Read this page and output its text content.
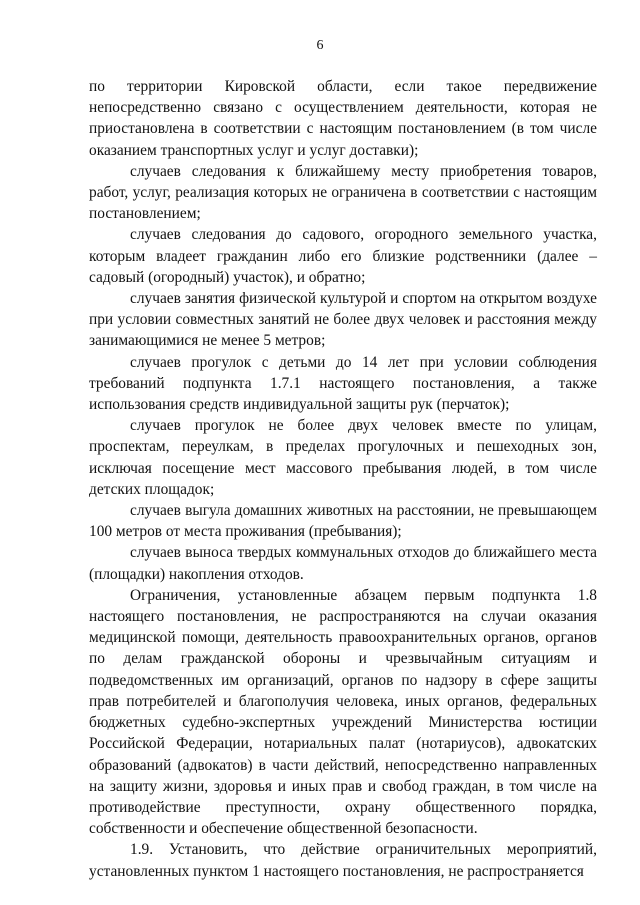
6

по территории Кировской области, если такое передвижение непосредственно связано с осуществлением деятельности, которая не приостановлена в соответствии с настоящим постановлением (в том числе оказанием транспортных услуг и услуг доставки);

случаев следования к ближайшему месту приобретения товаров, работ, услуг, реализация которых не ограничена в соответствии с настоящим постановлением;

случаев следования до садового, огородного земельного участка, которым владеет гражданин либо его близкие родственники (далее – садовый (огородный) участок), и обратно;

случаев занятия физической культурой и спортом на открытом воздухе при условии совместных занятий не более двух человек и расстояния между занимающимися не менее 5 метров;

случаев прогулок с детьми до 14 лет при условии соблюдения требований подпункта 1.7.1 настоящего постановления, а также использования средств индивидуальной защиты рук (перчаток);

случаев прогулок не более двух человек вместе по улицам, проспектам, переулкам, в пределах прогулочных и пешеходных зон, исключая посещение мест массового пребывания людей, в том числе детских площадок;

случаев выгула домашних животных на расстоянии, не превышающем 100 метров от места проживания (пребывания);

случаев выноса твердых коммунальных отходов до ближайшего места (площадки) накопления отходов.

Ограничения, установленные абзацем первым подпункта 1.8 настоящего постановления, не распространяются на случаи оказания медицинской помощи, деятельность правоохранительных органов, органов по делам гражданской обороны и чрезвычайным ситуациям и подведомственных им организаций, органов по надзору в сфере защиты прав потребителей и благополучия человека, иных органов, федеральных бюджетных судебно-экспертных учреждений Министерства юстиции Российской Федерации, нотариальных палат (нотариусов), адвокатских образований (адвокатов) в части действий, непосредственно направленных на защиту жизни, здоровья и иных прав и свобод граждан, в том числе на противодействие преступности, охрану общественного порядка, собственности и обеспечение общественной безопасности.

1.9. Установить, что действие ограничительных мероприятий, установленных пунктом 1 настоящего постановления, не распространяется
